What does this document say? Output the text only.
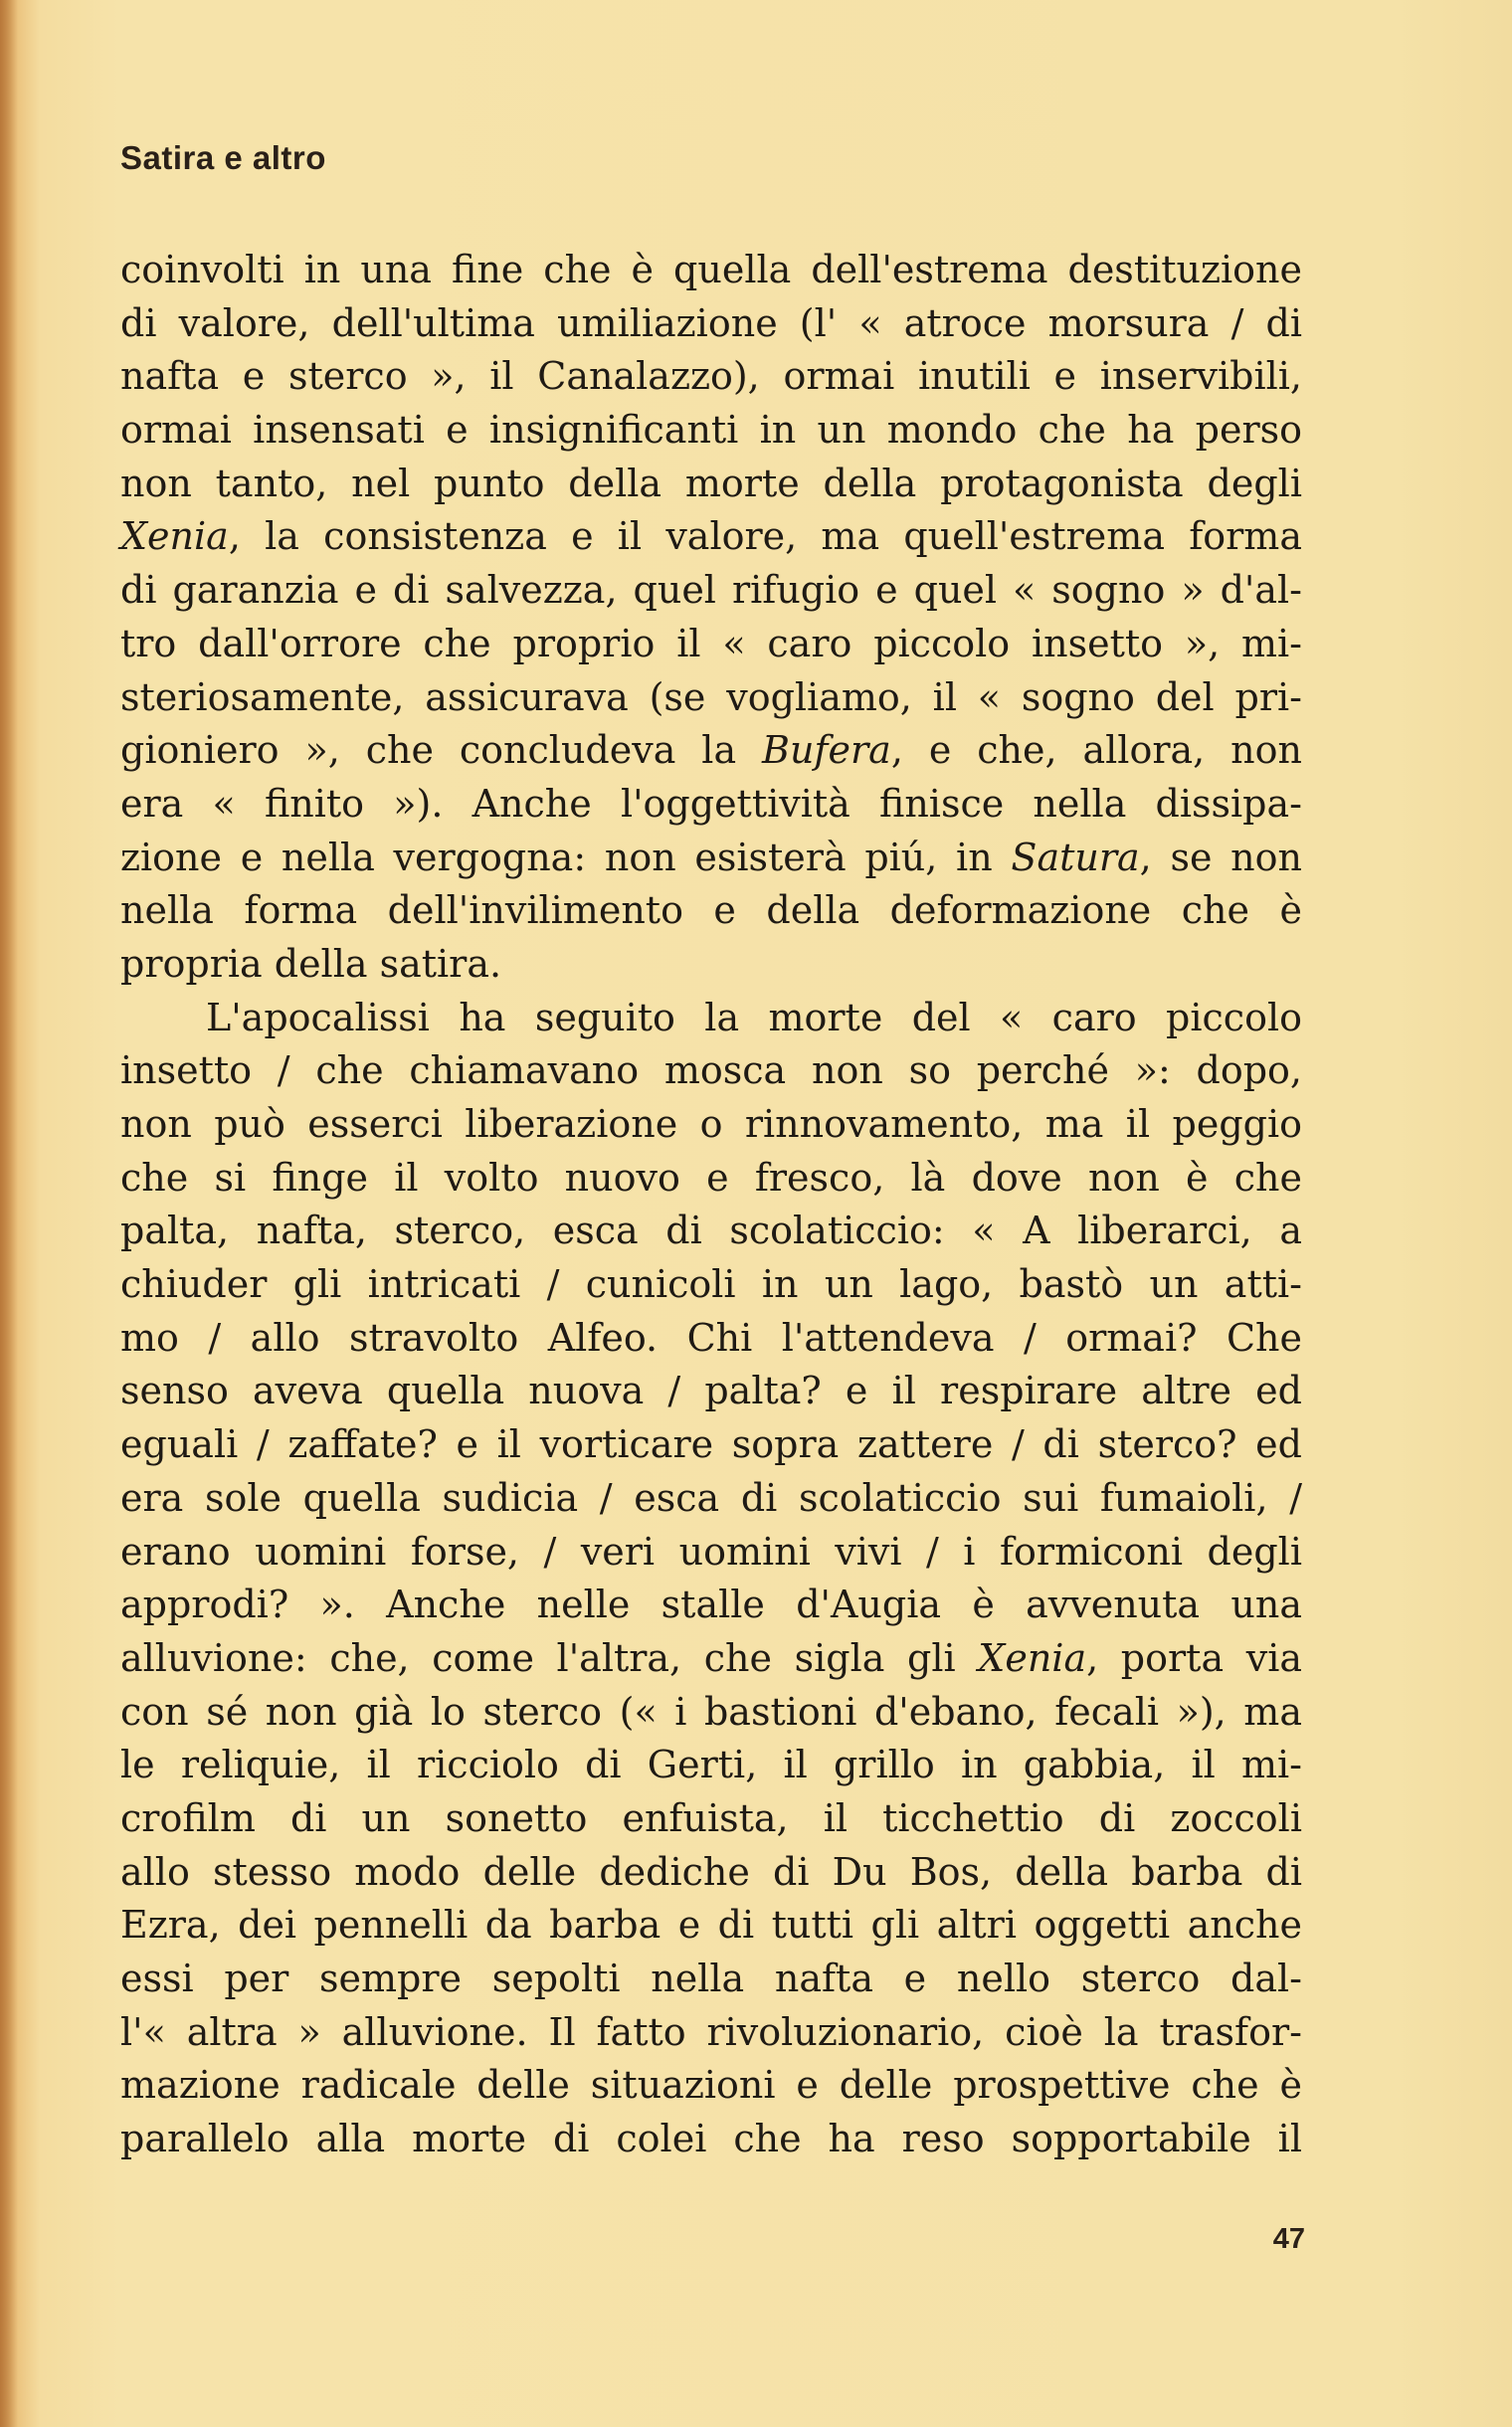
Satira e altro
coinvolti in una fine che è quella dell'estrema destituzione
di valore, dell'ultima umiliazione (l' « atroce morsura / di
nafta e sterco », il Canalazzo), ormai inutili e inservibili,
ormai insensati e insignificanti in un mondo che ha perso
non tanto, nel punto della morte della protagonista degli
Xenia, la consistenza e il valore, ma quell'estrema forma
di garanzia e di salvezza, quel rifugio e quel « sogno » d'al-
tro dall'orrore che proprio il « caro piccolo insetto », mi-
steriosamente, assicurava (se vogliamo, il « sogno del pri-
gioniero », che concludeva la Bufera, e che, allora, non
era « finito »). Anche l'oggettività finisce nella dissipa-
zione e nella vergogna: non esisterà piú, in Satura, se non
nella forma dell'invilimento e della deformazione che è
propria della satira.
L'apocalissi ha seguito la morte del « caro piccolo
insetto / che chiamavano mosca non so perché »: dopo,
non può esserci liberazione o rinnovamento, ma il peggio
che si finge il volto nuovo e fresco, là dove non è che
palta, nafta, sterco, esca di scolaticcio: « A liberarci, a
chiuder gli intricati / cunicoli in un lago, bastò un atti-
mo / allo stravolto Alfeo. Chi l'attendeva / ormai? Che
senso aveva quella nuova / palta? e il respirare altre ed
eguali / zaffate? e il vorticare sopra zattere / di sterco? ed
era sole quella sudicia / esca di scolaticcio sui fumaioli, /
erano uomini forse, / veri uomini vivi / i formiconi degli
approdi? ». Anche nelle stalle d'Augia è avvenuta una
alluvione: che, come l'altra, che sigla gli Xenia, porta via
con sé non già lo sterco (« i bastioni d'ebano, fecali »), ma
le reliquie, il ricciolo di Gerti, il grillo in gabbia, il mi-
crofilm di un sonetto enfuista, il ticchettio di zoccoli
allo stesso modo delle dediche di Du Bos, della barba di
Ezra, dei pennelli da barba e di tutti gli altri oggetti anche
essi per sempre sepolti nella nafta e nello sterco dal-
l'« altra » alluvione. Il fatto rivoluzionario, cioè la trasfor-
mazione radicale delle situazioni e delle prospettive che è
parallelo alla morte di colei che ha reso sopportabile il
47
